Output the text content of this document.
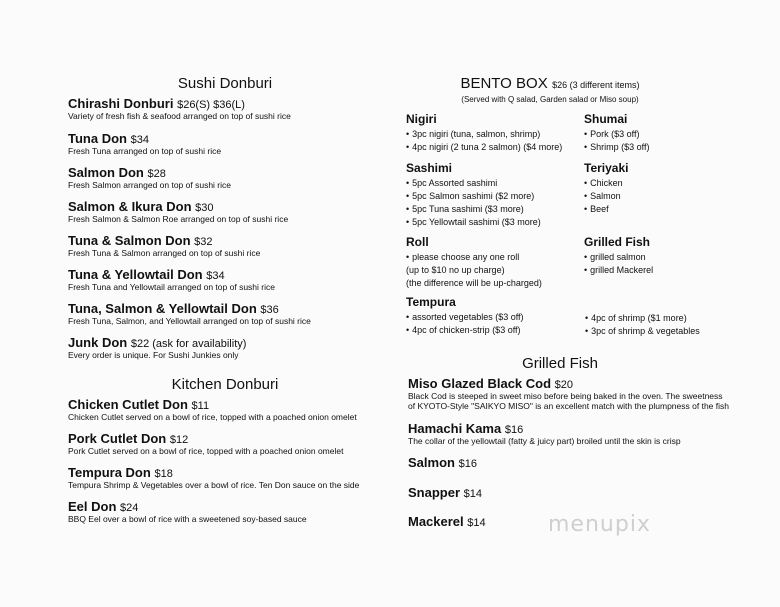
Sushi Donburi
Chirashi Donburi $26(S) $36(L)
Variety of fresh fish & seafood arranged on top of sushi rice
Tuna Don $34
Fresh Tuna arranged on top of sushi rice
Salmon Don $28
Fresh Salmon arranged on top of sushi rice
Salmon & Ikura Don $30
Fresh Salmon & Salmon Roe arranged on top of sushi rice
Tuna & Salmon Don $32
Fresh Tuna & Salmon arranged on top of sushi rice
Tuna & Yellowtail Don $34
Fresh Tuna and Yellowtail arranged on top of sushi rice
Tuna, Salmon & Yellowtail Don $36
Fresh Tuna, Salmon, and Yellowtail arranged on top of sushi rice
Junk Don $22 (ask for availability)
Every order is unique. For Sushi Junkies only
Kitchen Donburi
Chicken Cutlet Don $11
Chicken Cutlet served on a bowl of rice, topped with a poached onion omelet
Pork Cutlet Don $12
Pork Cutlet served on a bowl of rice, topped with a poached onion omelet
Tempura Don $18
Tempura Shrimp & Vegetables over a bowl of rice. Ten Don sauce on the side
Eel Don $24
BBQ Eel over a bowl of rice with a sweetened soy-based sauce
BENTO BOX $26 (3 different items)
(Served with Q salad, Garden salad or Miso soup)
Nigiri
• 3pc nigiri (tuna, salmon, shrimp)
• 4pc nigiri (2 tuna 2 salmon) ($4 more)
Sashimi
• 5pc Assorted sashimi
• 5pc Salmon sashimi ($2 more)
• 5pc Tuna sashimi ($3 more)
• 5pc Yellowtail sashimi ($3 more)
Roll
• please choose any one roll
(up to $10 no up charge)
(the difference will be up-charged)
Tempura
• assorted vegetables ($3 off)
• 4pc of chicken-strip ($3 off)
• 4pc of shrimp ($1 more)
• 3pc of shrimp & vegetables
Shumai
• Pork ($3 off)
• Shrimp ($3 off)
Teriyaki
• Chicken
• Salmon
• Beef
Grilled Fish
• grilled salmon
• grilled Mackerel
Grilled Fish
Miso Glazed Black Cod $20
Black Cod is steeped in sweet miso before being baked in the oven. The sweetness
of KYOTO-Style "SAIKYO MISO" is an excellent match with the plumpness of the fish
Hamachi Kama $16
The collar of the yellowtail (fatty & juicy part) broiled until the skin is crisp
Salmon $16
Snapper $14
Mackerel $14	menupix
